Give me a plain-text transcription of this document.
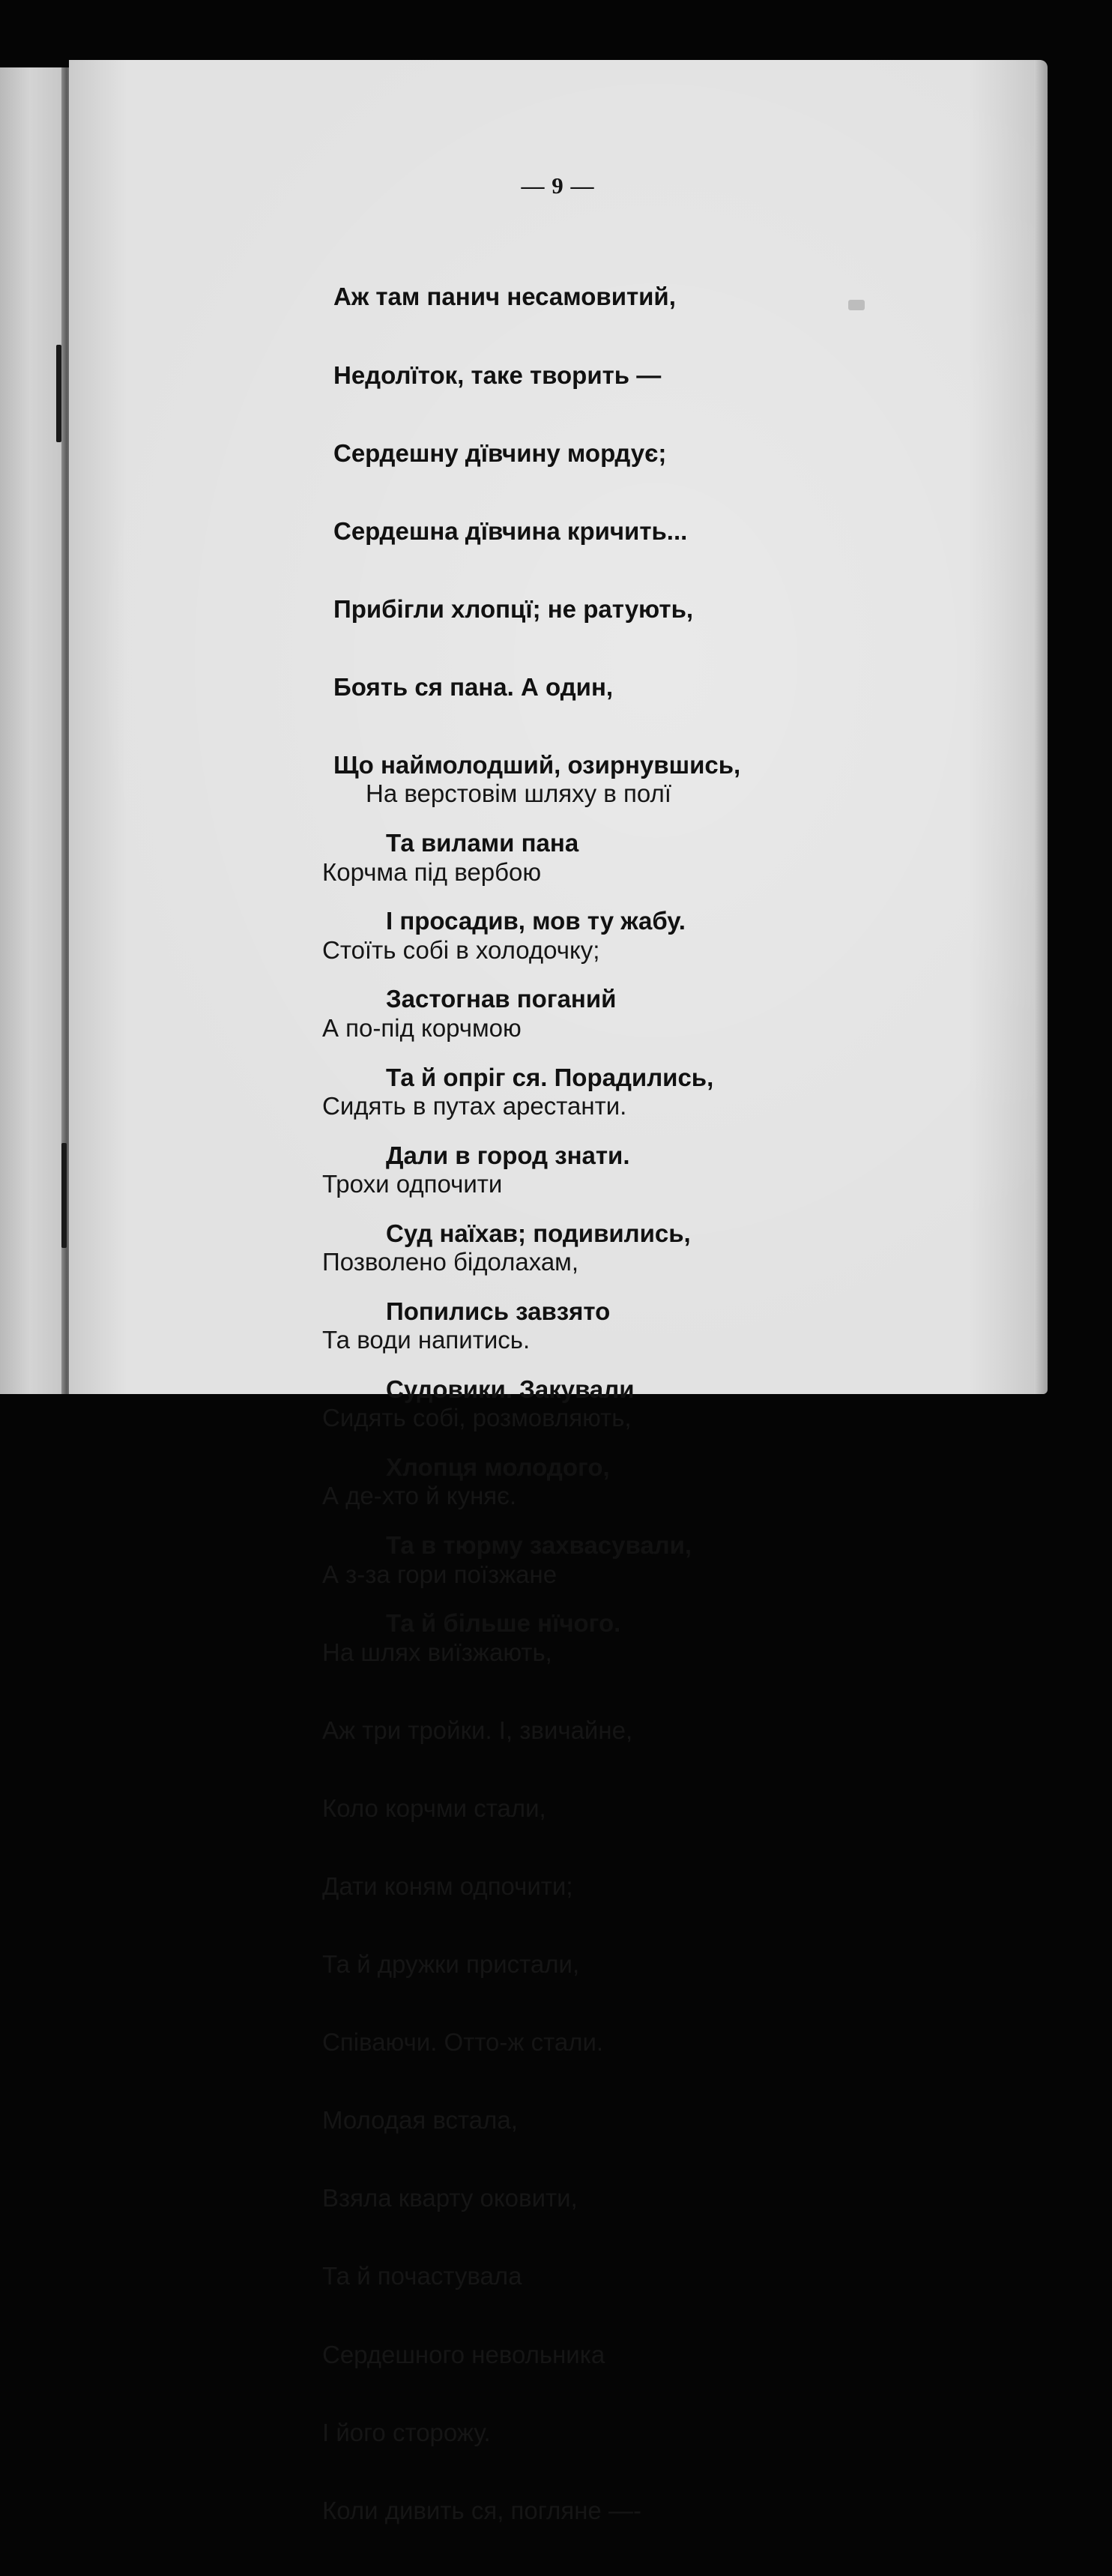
— 9 —

Аж там панич несамовитий,

Недолїток, таке творить —

Сердешну дївчину мордує;

Сердешна дївчина кричить...

Прибігли хлопцї; не ратують,

Боять ся пана. А один,

Що наймолодший, озирнувшись,

Та вилами пана

І просадив, мов ту жабу.

Застогнав поганий

Та й опріг ся. Порадились,

Дали в город знати.

Суд наїхав; подивились,

Попились завзято

Судовики. Закували

Хлопця молодого,

Та в тюрму захвасували,

Та й більше нїчого.

На верстовім шляху в полї

Корчма під вербою

Стоїть собі в холодочку;

А по-під корчмою

Сидять в путах арестанти.

Трохи одпочити

Позволено бідолахам,

Та води напитись.

Сидять собі, розмовляють,

А де-хто й куняє.

А з-за гори поїзжане

На шлях виїзжають,

Аж три тройки. І, звичайне,

Коло корчми стали,

Дати коням одпочити;

Та й дружки пристали,

Співаючи. Отто-ж стали.

Молодая встала,

Взяла кварту оковити,

Та й почастувала

Сердешного невольника

І його сторожу.

Коли дивить ся, погляне —-
